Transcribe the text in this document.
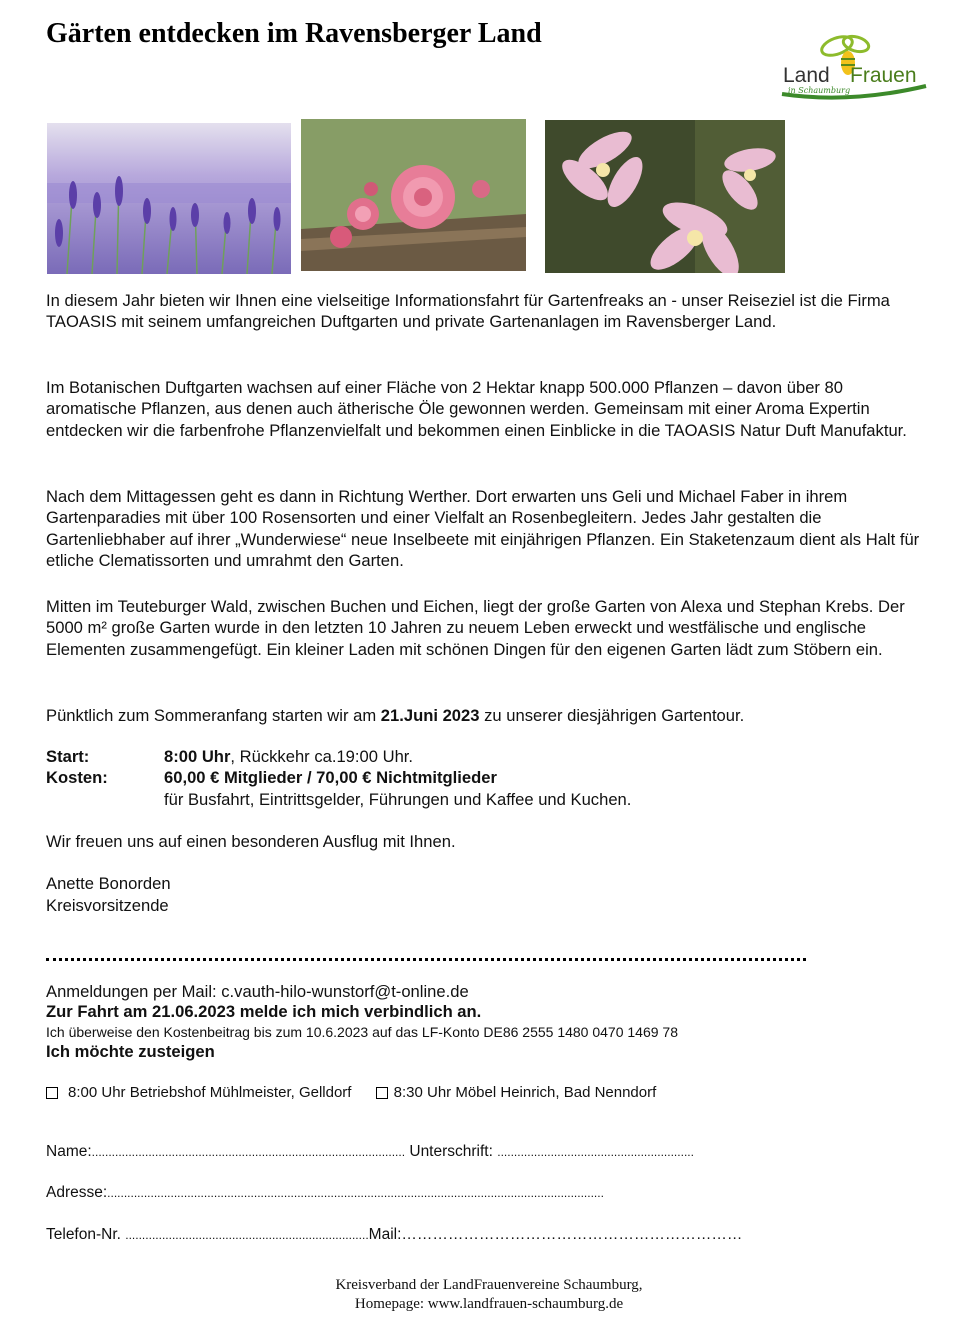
Gärten entdecken im Ravensberger Land
Land Frauen
in Schaumburg

In diesem Jahr bieten wir Ihnen eine vielseitige Informationsfahrt für Gartenfreaks an - unser Reiseziel ist die Firma TAOASIS mit seinem umfangreichen Duftgarten und private Gartenanlagen im Ravensberger Land.

Im Botanischen Duftgarten wachsen auf einer Fläche von 2 Hektar knapp 500.000 Pflanzen – davon über 80 aromatische Pflanzen, aus denen auch ätherische Öle gewonnen werden. Gemeinsam mit einer Aroma Expertin entdecken wir die farbenfrohe Pflanzenvielfalt und bekommen einen Einblicke in die TAOASIS Natur Duft Manufaktur.

Nach dem Mittagessen geht es dann in Richtung Werther. Dort erwarten uns Geli und Michael Faber in ihrem Gartenparadies mit über 100 Rosensorten und einer Vielfalt an Rosenbegleitern. Jedes Jahr gestalten die Gartenliebhaber auf ihrer „Wunderwiese“ neue Inselbeete mit einjährigen Pflanzen. Ein Staketenzaum dient als Halt für etliche Clematissorten und umrahmt den Garten.

Mitten im Teuteburger Wald, zwischen Buchen und Eichen, liegt der große Garten von Alexa und Stephan Krebs. Der 5000 m² große Garten wurde in den letzten 10 Jahren zu neuem Leben erweckt und westfälische und englische Elementen zusammengefügt. Ein kleiner Laden mit schönen Dingen für den eigenen Garten lädt zum Stöbern ein.

Pünktlich zum Sommeranfang starten wir am 21.Juni 2023 zu unserer diesjährigen Gartentour.

Start:	8:00 Uhr, Rückkehr ca.19:00 Uhr.
Kosten:	60,00 € Mitglieder / 70,00 € Nichtmitglieder
für Busfahrt, Eintrittsgelder, Führungen und Kaffee und Kuchen.
Wir freuen uns auf einen besonderen Ausflug mit Ihnen.
Anette Bonorden
Kreisvorsitzende
Anmeldungen per Mail: c.vauth-hilo-wunstorf@t-online.de
Zur Fahrt am 21.06.2023 melde ich mich verbindlich an.
Ich überweise den Kostenbeitrag bis zum 10.6.2023 auf das LF-Konto DE86 2555 1480 0470 1469 78
Ich möchte zusteigen
8:00 Uhr Betriebshof Mühlmeister, Gelldorf
	8:30 Uhr Möbel Heinrich, Bad Nenndorf
Name:.............................................................................................. Unterschrift: ...........................................................
Adresse:.....................................................................................................................................................
Telefon-Nr. .........................................................................Mail:…………………………………………………………
Kreisverband der LandFrauenvereine Schaumburg,
Homepage: www.landfrauen-schaumburg.de
